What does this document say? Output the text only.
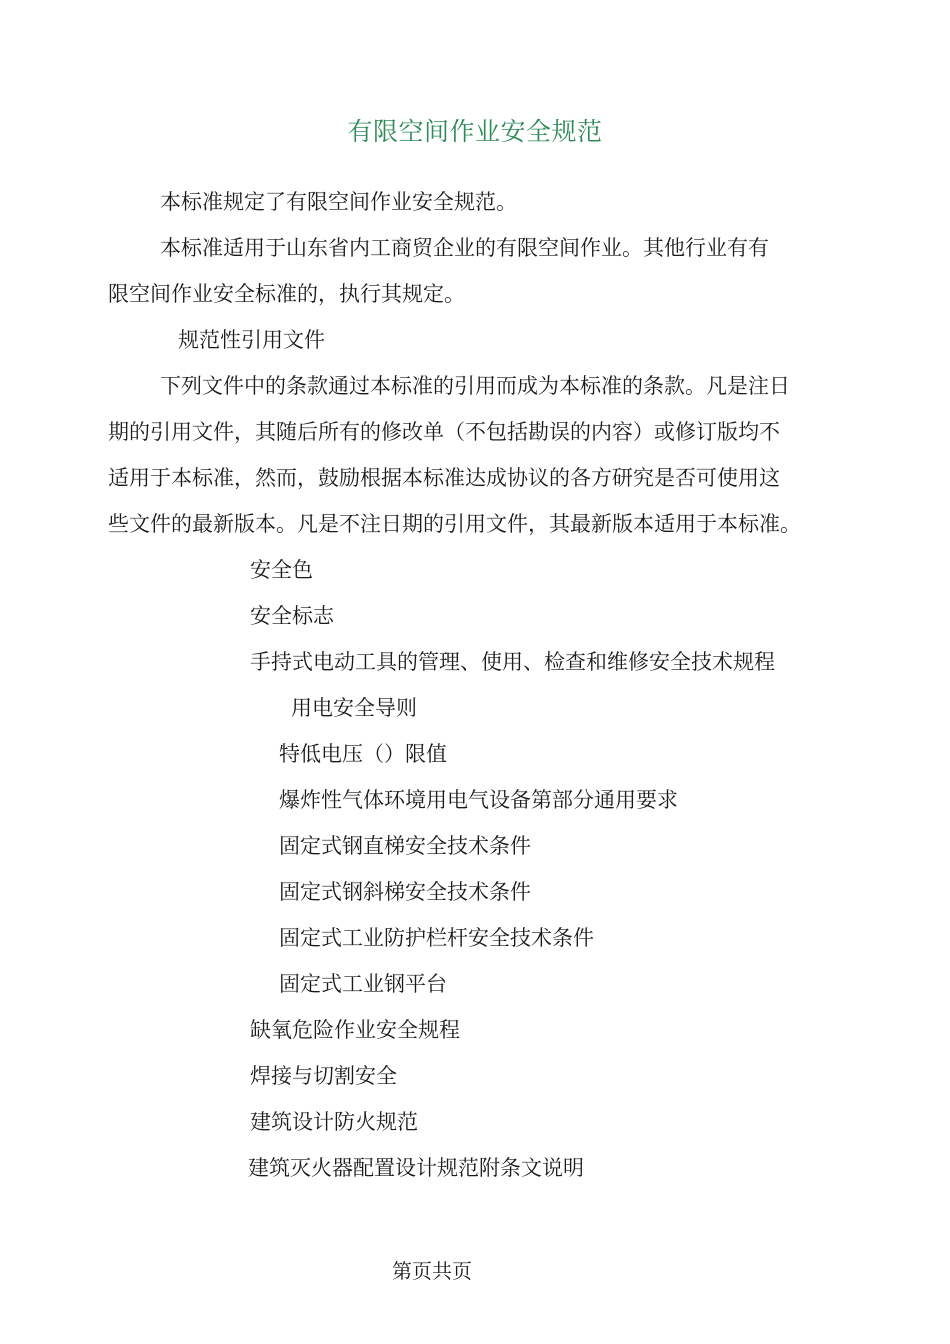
有限空间作业安全规范
本标准规定了有限空间作业安全规范。
本标准适用于山东省内工商贸企业的有限空间作业。其他行业有有
限空间作业安全标准的，执行其规定。
规范性引用文件
下列文件中的条款通过本标准的引用而成为本标准的条款。凡是注日
期的引用文件，其随后所有的修改单（不包括勘误的内容）或修订版均不
适用于本标准，然而，鼓励根据本标准达成协议的各方研究是否可使用这
些文件的最新版本。凡是不注日期的引用文件，其最新版本适用于本标准。
安全色
安全标志
手持式电动工具的管理、使用、检查和维修安全技术规程
用电安全导则
特低电压（）限值
爆炸性气体环境用电气设备第部分通用要求
固定式钢直梯安全技术条件
固定式钢斜梯安全技术条件
固定式工业防护栏杆安全技术条件
固定式工业钢平台
缺氧危险作业安全规程
焊接与切割安全
建筑设计防火规范
建筑灭火器配置设计规范附条文说明
第页共页
